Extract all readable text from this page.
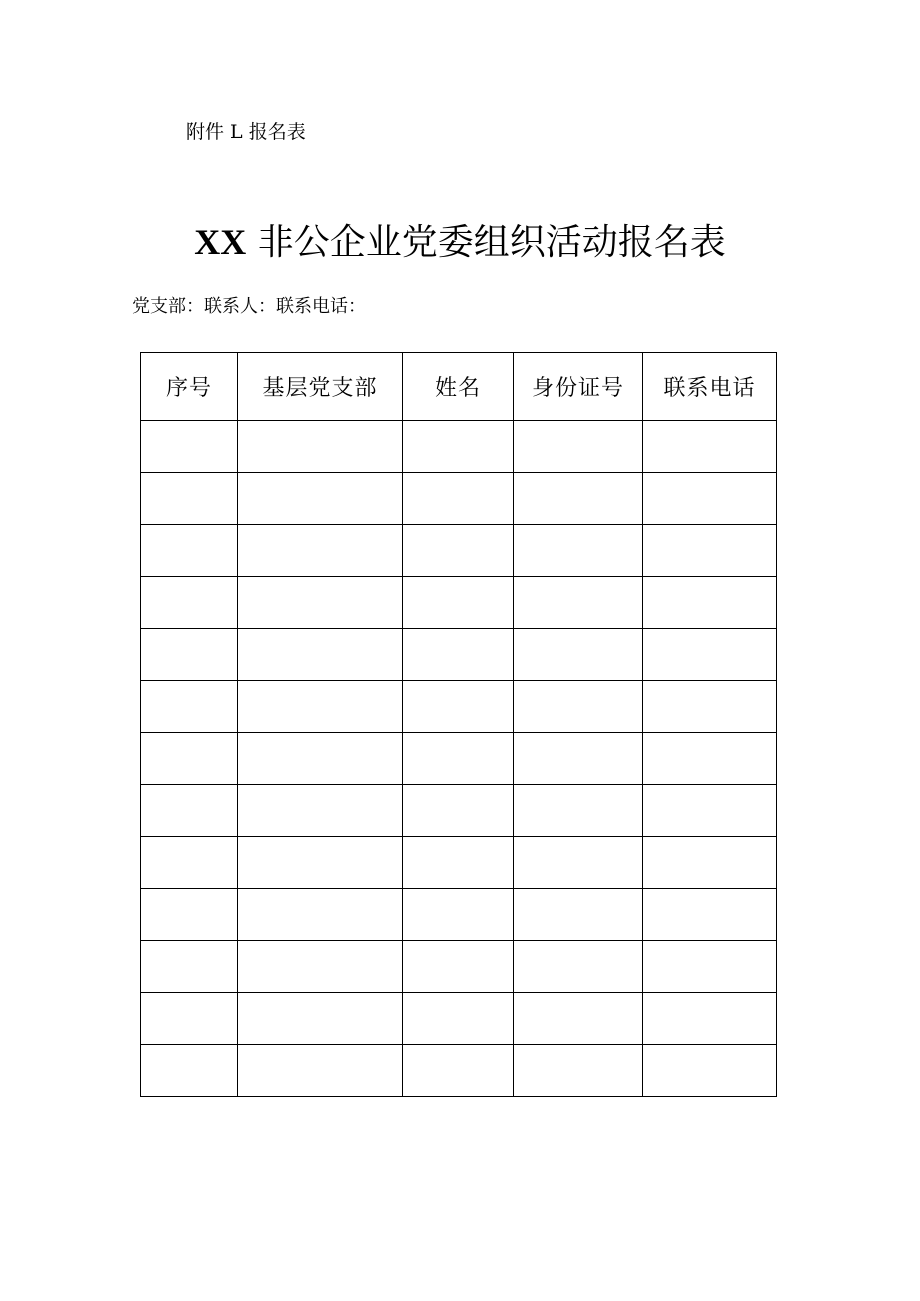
附件 L 报名表
XX 非公企业党委组织活动报名表
党支部：联系人：联系电话：
序号	基层党支部	姓名	身份证号	联系电话
